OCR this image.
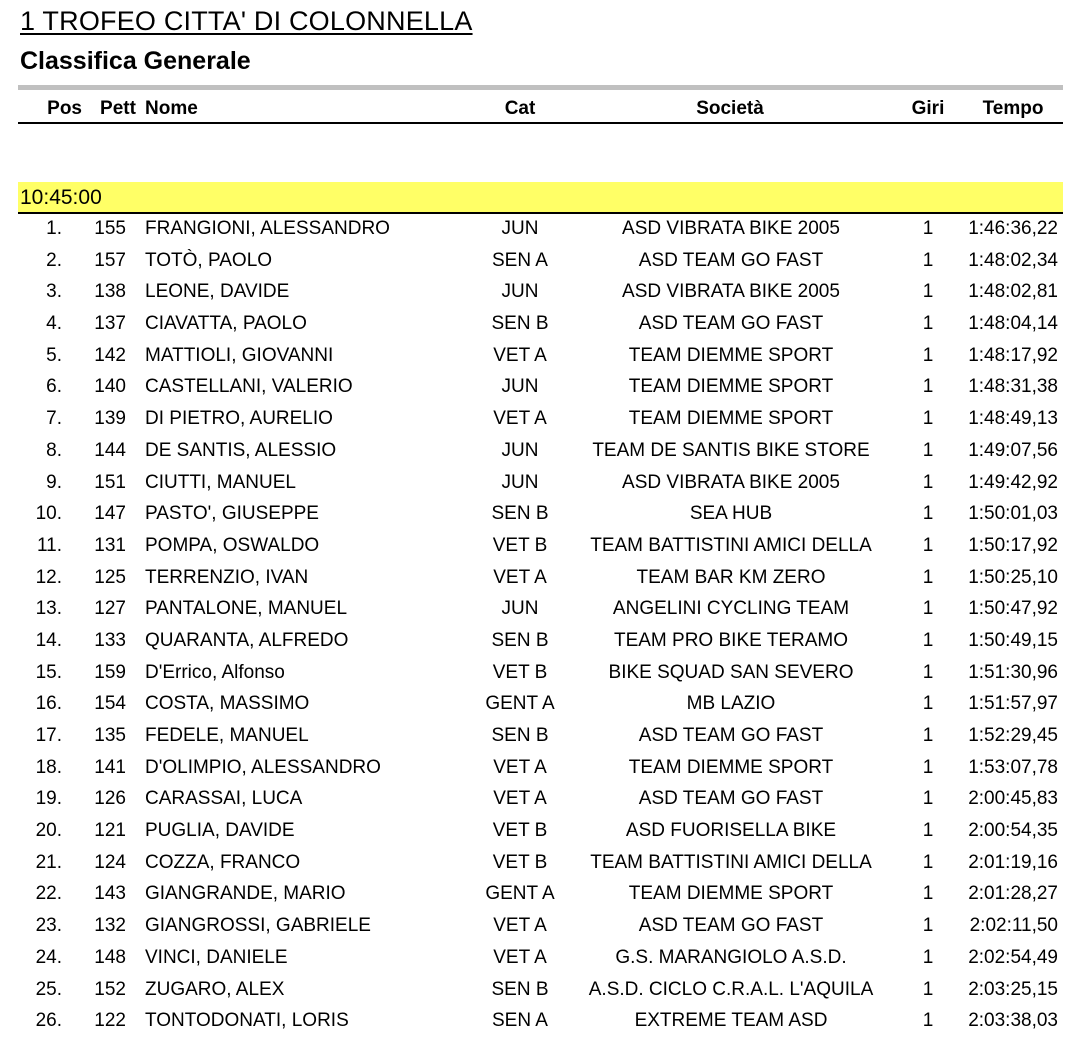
1 TROFEO CITTA' DI COLONNELLA
Classifica Generale
Pos Pett Nome	Cat	Società	Giri	Tempo
10:45:00
1.	155 FRANGIONI, ALESSANDRO	JUN	ASD VIBRATA BIKE 2005	1	1:46:36,22
2.	157 TOTÒ, PAOLO	SEN A	ASD TEAM GO FAST	1	1:48:02,34
3.	138 LEONE, DAVIDE	JUN	ASD VIBRATA BIKE 2005	1	1:48:02,81
4.	137 CIAVATTA, PAOLO	SEN B	ASD TEAM GO FAST	1	1:48:04,14
5.	142 MATTIOLI, GIOVANNI	VET A	TEAM DIEMME SPORT	1	1:48:17,92
6.	140 CASTELLANI, VALERIO	JUN	TEAM DIEMME SPORT	1	1:48:31,38
7.	139 DI PIETRO, AURELIO	VET A	TEAM DIEMME SPORT	1	1:48:49,13
8.	144 DE SANTIS, ALESSIO	JUN	TEAM DE SANTIS BIKE STORE	1	1:49:07,56
9.	151 CIUTTI, MANUEL	JUN	ASD VIBRATA BIKE 2005	1	1:49:42,92
10.	147 PASTO', GIUSEPPE	SEN B	SEA HUB	1	1:50:01,03
11.	131 POMPA, OSWALDO	VET B	TEAM BATTISTINI AMICI DELLA	1	1:50:17,92
12.	125 TERRENZIO, IVAN	VET A	TEAM BAR KM ZERO	1	1:50:25,10
13.	127 PANTALONE, MANUEL	JUN	ANGELINI CYCLING TEAM	1	1:50:47,92
14.	133 QUARANTA, ALFREDO	SEN B	TEAM PRO BIKE TERAMO	1	1:50:49,15
15.	159 D'Errico, Alfonso	VET B	BIKE SQUAD SAN SEVERO	1	1:51:30,96
16.	154 COSTA, MASSIMO	GENT A	MB LAZIO	1	1:51:57,97
17.	135 FEDELE, MANUEL	SEN B	ASD TEAM GO FAST	1	1:52:29,45
18.	141 D'OLIMPIO, ALESSANDRO	VET A	TEAM DIEMME SPORT	1	1:53:07,78
19.	126 CARASSAI, LUCA	VET A	ASD TEAM GO FAST	1	2:00:45,83
20.	121 PUGLIA, DAVIDE	VET B	ASD FUORISELLA BIKE	1	2:00:54,35
21.	124 COZZA, FRANCO	VET B	TEAM BATTISTINI AMICI DELLA	1	2:01:19,16
22.	143 GIANGRANDE, MARIO	GENT A	TEAM DIEMME SPORT	1	2:01:28,27
23.	132 GIANGROSSI, GABRIELE	VET A	ASD TEAM GO FAST	1	2:02:11,50
24.	148 VINCI, DANIELE	VET A	G.S. MARANGIOLO A.S.D.	1	2:02:54,49
25.	152 ZUGARO, ALEX	SEN B	A.S.D. CICLO C.R.A.L. L'AQUILA	1	2:03:25,15
26.	122 TONTODONATI, LORIS	SEN A	EXTREME TEAM ASD	1	2:03:38,03
